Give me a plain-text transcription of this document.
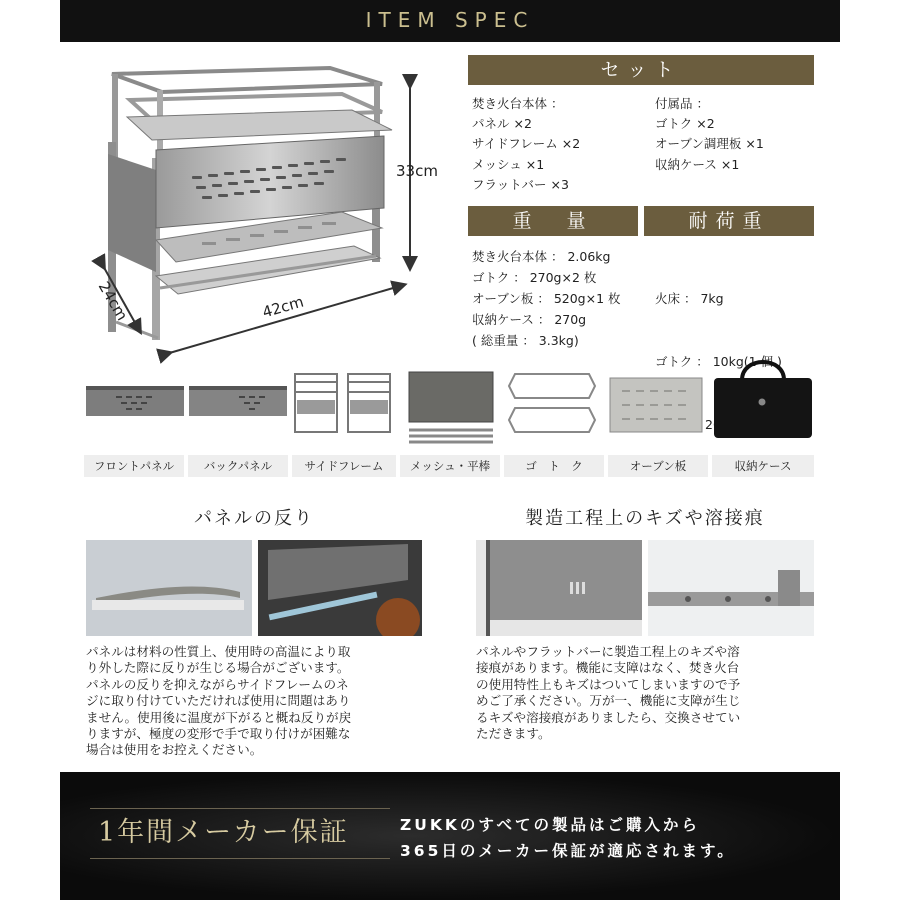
ITEM SPEC
33cm
42cm
24cm
セット
焚き火台本体 ：
パネル ×2
サイドフレーム ×2
メッシュ ×1
フラットバー ×3
付属品 ：
ゴトク ×2
オーブン調理板 ×1
収納ケース ×1
重　量	耐荷重
焚き火台本体 ： 2.06kg
ゴトク ： 270g×2 枚
オーブン板 ： 520g×1 枚
収納ケース ： 270g
( 総重量 ： 3.3kg)

火床 ： 7kg

ゴトク ： 10kg(1 個 )

フロントパネル	バックパネル	サイドフレーム	メッシュ・平棒	ゴ　ト　ク	オーブン板	収納ケース
パネルの反り
パネルは材料の性質上、使用時の高温により取
り外した際に反りが生じる場合がございます。
パネルの反りを抑えながらサイドフレームのネ
ジに取り付けていただければ使用に問題はあり
ません。使用後に温度が下がると概ね反りが戻
りますが、極度の変形で手で取り付けが困難な
場合は使用をお控えください。
製造工程上のキズや溶接痕
パネルやフラットバーに製造工程上のキズや溶
接痕があります。機能に支障はなく、焚き火台
の使用特性上もキズはついてしまいますので予
めご了承ください。万が一、機能に支障が生じ
るキズや溶接痕がありましたら、交換させてい
ただきます。
1年間メーカー保証	ZUKKのすべての製品はご購入から
365日のメーカー保証が適応されます。
